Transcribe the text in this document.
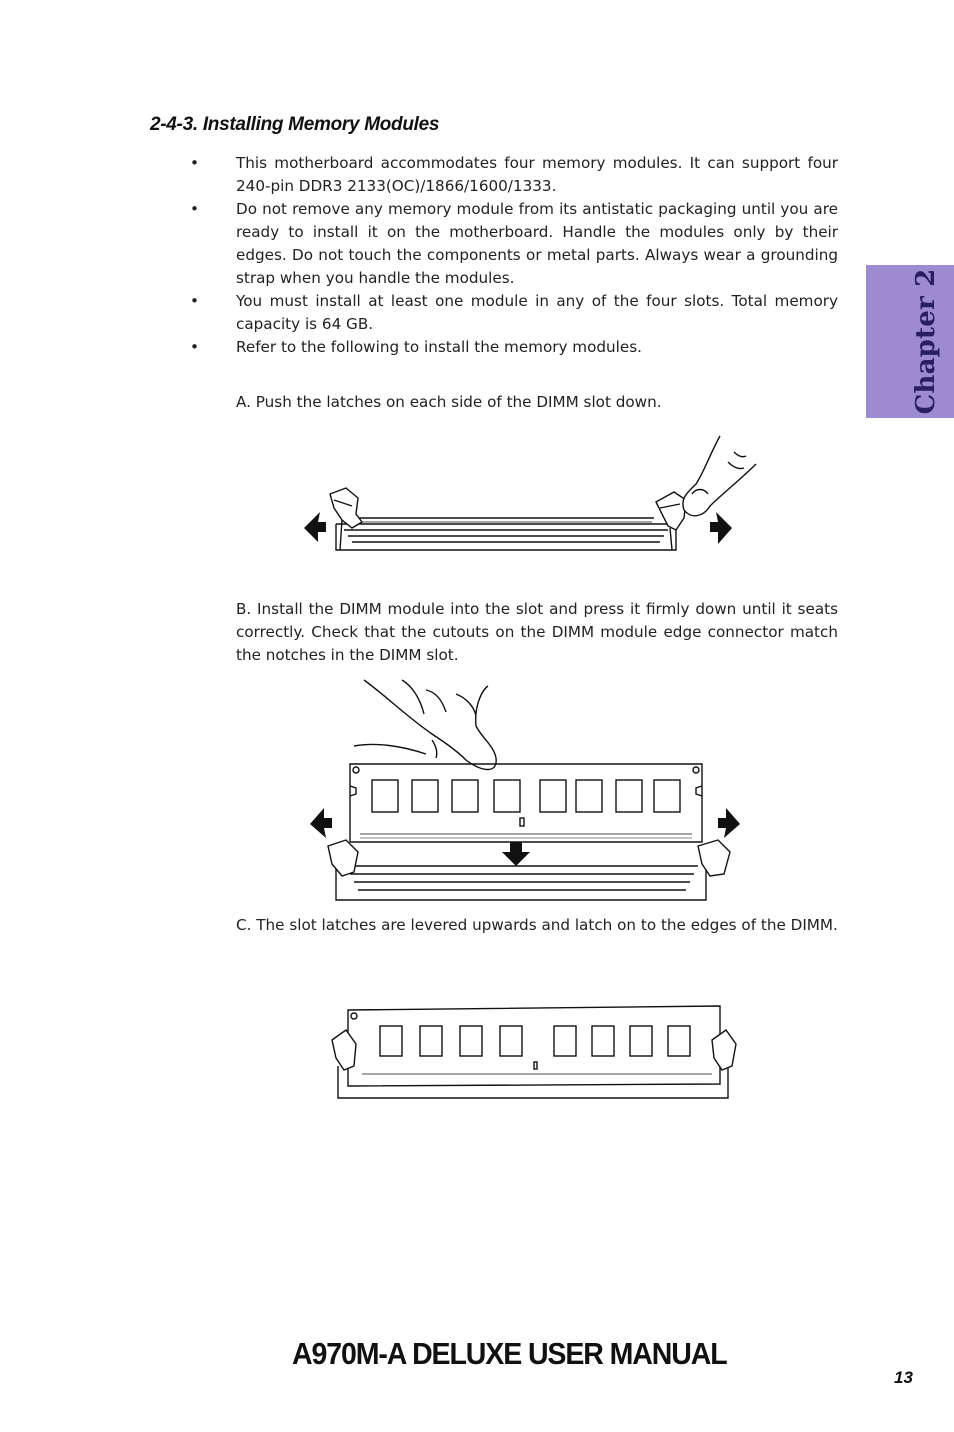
2-4-3. Installing Memory Modules
• This motherboard accommodates four memory modules. It can support four 240-pin DDR3 2133(OC)/1866/1600/1333.
• Do not remove any memory module from its antistatic packaging until you are ready to install it on the motherboard. Handle the modules only by their edges. Do not touch the components or metal parts. Always wear a grounding strap when you handle the modules.
• You must install at least one module in any of the four slots. Total memory capacity is 64 GB.
• Refer to the following to install the memory modules.
A. Push the latches on each side of the DIMM slot down.
B. Install the DIMM module into the slot and press it firmly down until it seats correctly. Check that the cutouts on the DIMM module edge connector match the notches in the DIMM slot.
C. The slot latches are levered upwards and latch on to the edges of the DIMM.
Chapter 2
A970M-A DELUXE USER MANUAL
13
